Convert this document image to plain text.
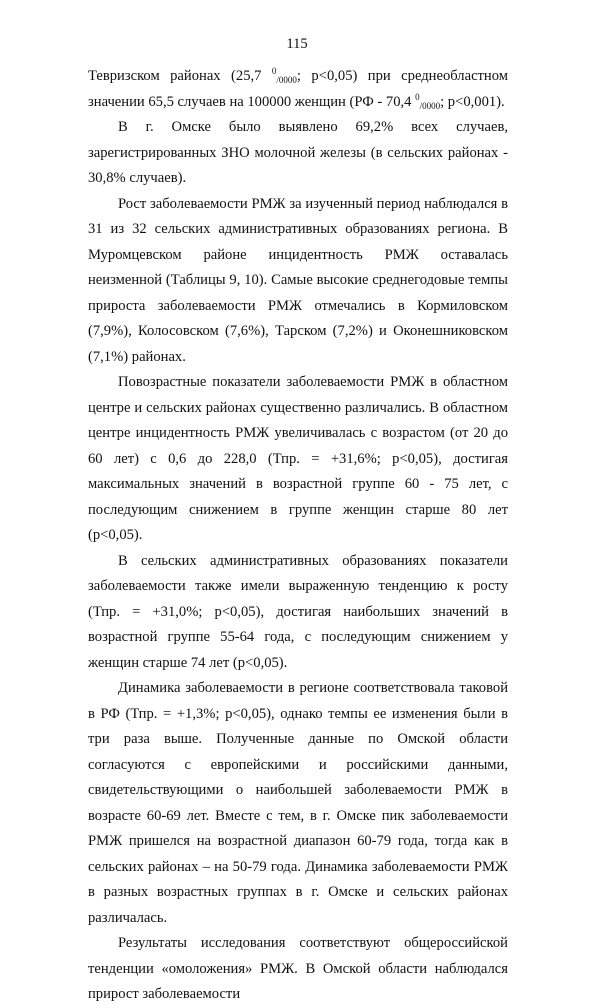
115

Тевризском районах (25,7 $^0_{/0000}$; р<0,05) при среднеобластном значении 65,5 случаев на 100000 женщин (РФ - 70,4 $^0_{/0000}$; р<0,001).

В г. Омске было выявлено 69,2% всех случаев, зарегистрированных ЗНО молочной железы (в сельских районах - 30,8% случаев).

Рост заболеваемости РМЖ за изученный период наблюдался в 31 из 32 сельских административных образованиях региона. В Муромцевском районе инцидентность РМЖ оставалась неизменной (Таблицы 9, 10). Самые высокие среднегодовые темпы прироста заболеваемости РМЖ отмечались в Кормиловском (7,9%), Колосовском (7,6%), Тарском (7,2%) и Оконешниковском (7,1%) районах.

Повозрастные показатели заболеваемости РМЖ в областном центре и сельских районах существенно различались. В областном центре инцидентность РМЖ увеличивалась с возрастом (от 20 до 60 лет) с 0,6 до 228,0 (Тпр. = +31,6%; р<0,05), достигая максимальных значений в возрастной группе 60 - 75 лет, с последующим снижением в группе женщин старше 80 лет (р<0,05).

В сельских административных образованиях показатели заболеваемости также имели выраженную тенденцию к росту (Тпр. = +31,0%; р<0,05), достигая наибольших значений в возрастной группе 55-64 года, с последующим снижением у женщин старше 74 лет (р<0,05).

Динамика заболеваемости в регионе соответствовала таковой в РФ (Тпр. = +1,3%; р<0,05), однако темпы ее изменения были в три раза выше. Полученные данные по Омской области согласуются с европейскими и российскими данными, свидетельствующими о наибольшей заболеваемости РМЖ в возрасте 60-69 лет. Вместе с тем, в г. Омске пик заболеваемости РМЖ пришелся на возрастной диапазон 60-79 года, тогда как в сельских районах – на 50-79 года. Динамика заболеваемости РМЖ в разных возрастных группах в г. Омске и сельских районах различалась.

Результаты исследования соответствуют общероссийской тенденции «омоложения» РМЖ. В Омской области наблюдался прирост заболеваемости
